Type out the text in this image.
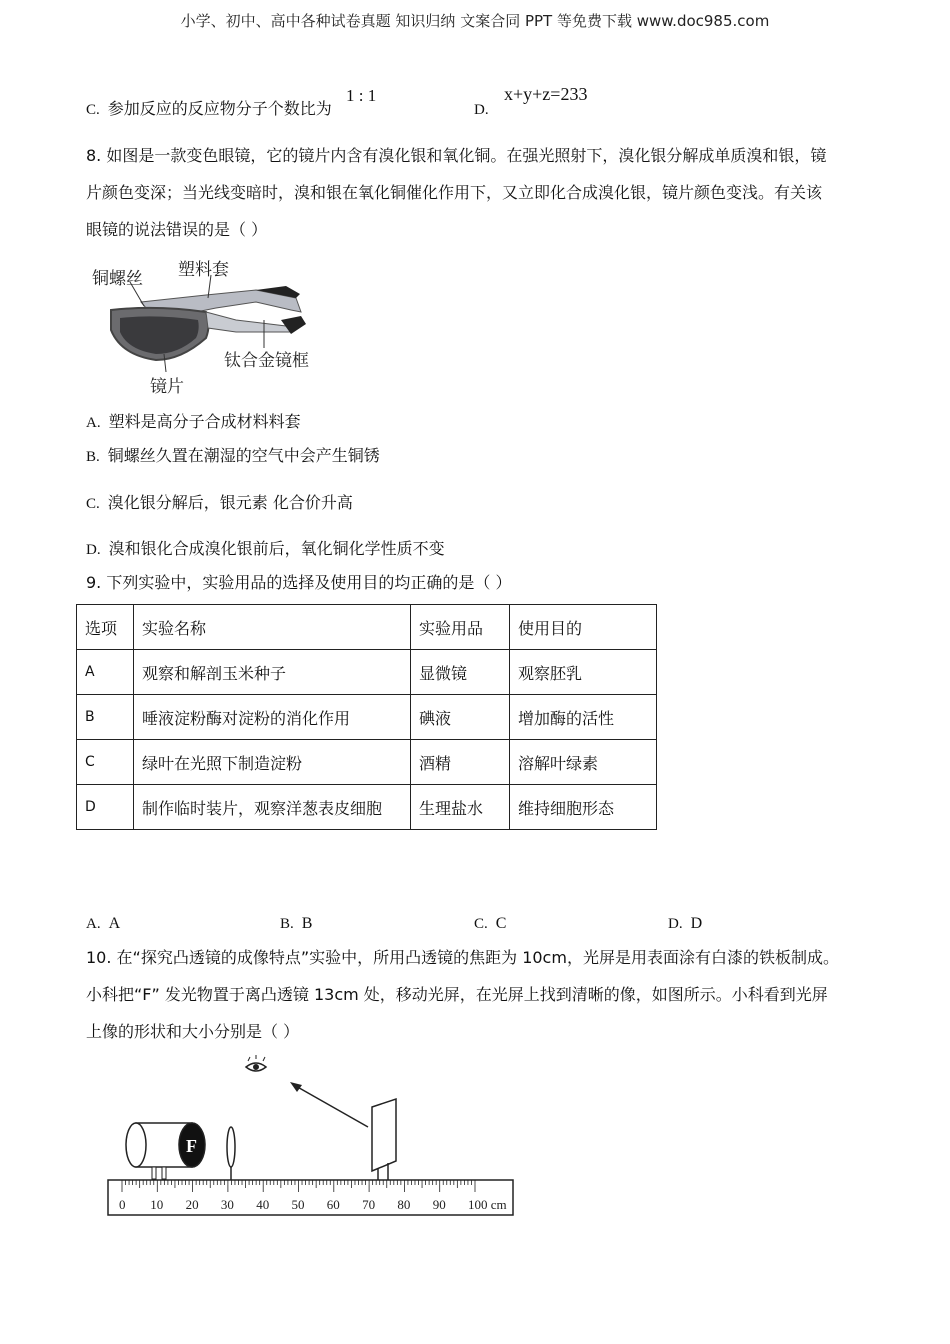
小学、初中、高中各种试卷真题 知识归纳 文案合同 PPT 等免费下载 www.doc985.com
C. 参加反应的反应物分子个数比为
1 : 1
D.
x+y+z=233
8. 如图是一款变色眼镜，它的镜片内含有溴化银和氧化铜。在强光照射下，溴化银分解成单质溴和银，镜
片颜色变深；当光线变暗时，溴和银在氧化铜催化作用下，又立即化合成溴化银，镜片颜色变浅。有关该
眼镜的说法错误的是（ ）
铜螺丝 塑料套
钛合金镜框
镜片
A. 塑料是高分子合成材料料套
B. 铜螺丝久置在潮湿的空气中会产生铜锈
C. 溴化银分解后，银元素 化合价升高
D. 溴和银化合成溴化银前后，氧化铜化学性质不变
9. 下列实验中，实验用品的选择及使用目的均正确的是（ ）
选项	实验名称	实验用品	使用目的
A	观察和解剖玉米种子	显微镜	观察胚乳
B	唾液淀粉酶对淀粉的消化作用	碘液	增加酶的活性
C	绿叶在光照下制造淀粉	酒精	溶解叶绿素
D	制作临时装片，观察洋葱表皮细胞	生理盐水	维持细胞形态
A. A	B. B	C. C	D. D
10. 在“探究凸透镜的成像特点”实验中，所用凸透镜的焦距为 10cm，光屏是用表面涂有白漆的铁板制成。
小科把“F” 发光物置于离凸透镜 13cm 处，移动光屏，在光屏上找到清晰的像，如图所示。小科看到光屏
上像的形状和大小分别是（ ）
F
0 10 20 30 40 50 60 70 80 90 100 cm
